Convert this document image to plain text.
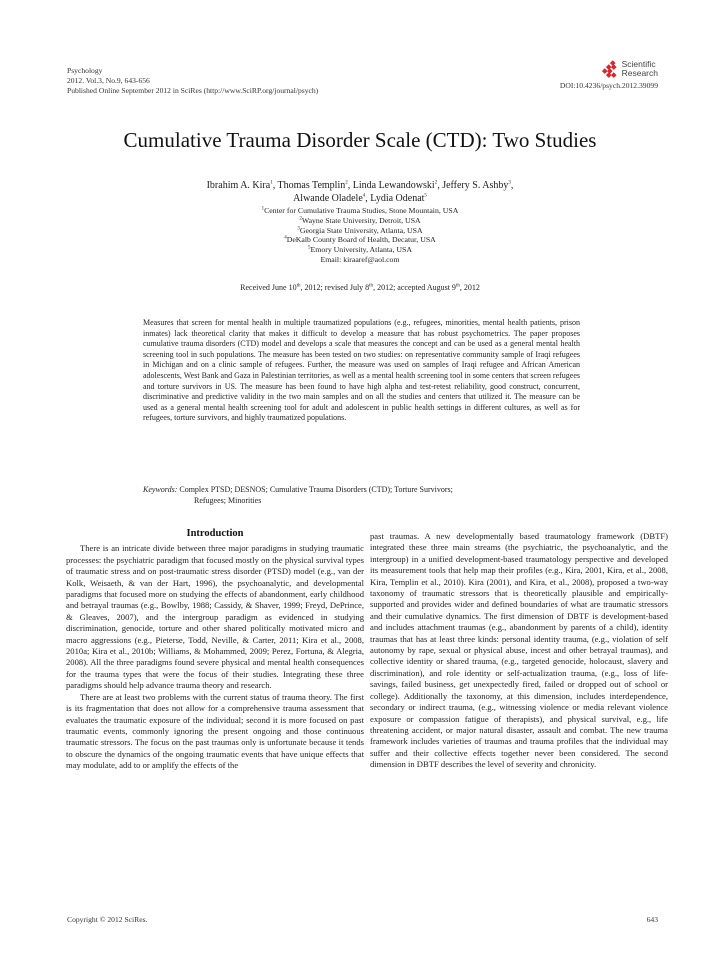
Psychology
2012. Vol.3, No.9, 643-656
Published Online September 2012 in SciRes (http://www.SciRP.org/journal/psych)
Scientific
Research
DOI:10.4236/psych.2012.39099
Cumulative Trauma Disorder Scale (CTD): Two Studies
Ibrahim A. Kira$^1$, Thomas Templin$^2$, Linda Lewandowski$^2$, Jeffery S. Ashby$^3$,
Alwande Oladele$^4$, Lydia Odenat$^5$
$^1$Center for Cumulative Trauma Studies, Stone Mountain, USA
$^2$Wayne State University, Detroit, USA
$^3$Georgia State University, Atlanta, USA
$^4$DeKalb County Board of Health, Decatur, USA
$^5$Emory University, Atlanta, USA
Email: kiraaref@aol.com
Received June 10th, 2012; revised July 8th, 2012; accepted August 9th, 2012
Measures that screen for mental health in multiple traumatized populations (e.g., refugees, minorities, mental health patients, prison inmates) lack theoretical clarity that makes it difficult to develop a measure that has robust psychometrics. The paper proposes cumulative trauma disorders (CTD) model and develops a scale that measures the concept and can be used as a general mental health screening tool in such populations. The measure has been tested on two studies: on representative community sample of Iraqi refugees in Michigan and on a clinic sample of refugees. Further, the measure was used on samples of Iraqi refugee and African American adolescents, West Bank and Gaza in Palestinian territories, as well as a mental health screening tool in some centers that screen refugees and torture survivors in US. The measure has been found to have high alpha and test-retest reliability, good construct, concurrent, discriminative and predictive validity in the two main samples and on all the studies and centers that utilized it. The measure can be used as a general mental health screening tool for adult and adolescent in public health settings in different cultures, as well as for refugees, torture survivors, and highly traumatized populations.
Keywords: Complex PTSD; DESNOS; Cumulative Trauma Disorders (CTD); Torture Survivors;
Refugees; Minorities
Introduction

There is an intricate divide between three major paradigms in studying traumatic processes: the psychiatric paradigm that focused mostly on the physical survival types of traumatic stress and on post-traumatic stress disorder (PTSD) model (e.g., van der Kolk, Weisaeth, & van der Hart, 1996), the psychoanalytic, and developmental paradigms that focused more on studying the effects of abandonment, early childhood and betrayal traumas (e.g., Bowlby, 1988; Cassidy, & Shaver, 1999; Freyd, DePrince, & Gleaves, 2007), and the intergroup paradigm as evidenced in studying discrimination, genocide, torture and other shared politically motivated micro and macro aggressions (e.g., Pieterse, Todd, Neville, & Carter, 2011; Kira et al., 2008, 2010a; Kira et al., 2010b; Williams, & Mohammed, 2009; Perez, Fortuna, & Alegria, 2008). All the three paradigms found severe physical and mental health consequences for the trauma types that were the focus of their studies. Integrating these three paradigms should help advance trauma theory and research.

There are at least two problems with the current status of trauma theory. The first is its fragmentation that does not allow for a comprehensive trauma assessment that evaluates the traumatic exposure of the individual; second it is more focused on past traumatic events, commonly ignoring the present ongoing and those continuous traumatic stressors. The focus on the past traumas only is unfortunate because it tends to obscure the dynamics of the ongoing traumatic events that have unique effects that may modulate, add to or amplify the effects of the

past traumas. A new developmentally based traumatology framework (DBTF) integrated these three main streams (the psychiatric, the psychoanalytic, and the intergroup) in a unified development-based traumatology perspective and developed its measurement tools that help map their profiles (e.g., Kira, 2001, Kira, et al., 2008, Kira, Templin et al., 2010). Kira (2001), and Kira, et al., 2008), proposed a two-way taxonomy of traumatic stressors that is theoretically plausible and empirically-supported and provides wider and defined boundaries of what are traumatic stressors and their cumulative dynamics. The first dimension of DBTF is development-based and includes attachment traumas (e.g., abandonment by parents of a child), identity traumas that has at least three kinds: personal identity trauma, (e.g., violation of self autonomy by rape, sexual or physical abuse, incest and other betrayal traumas), and collective identity or shared trauma, (e.g., targeted genocide, holocaust, slavery and discrimination), and role identity or self-actualization trauma, (e.g., loss of life-savings, failed business, get unexpectedly fired, failed or dropped out of school or college). Additionally the taxonomy, at this dimension, includes interdependence, secondary or indirect trauma, (e.g., witnessing violence or media relevant violence exposure or compassion fatigue of therapists), and physical survival, e.g., life threatening accident, or major natural disaster, assault and combat. The new trauma framework includes varieties of traumas and trauma profiles that the individual may suffer and their collective effects together never been considered. The second dimension in DBTF describes the level of severity and chronicity.

Copyright © 2012 SciRes.	643
